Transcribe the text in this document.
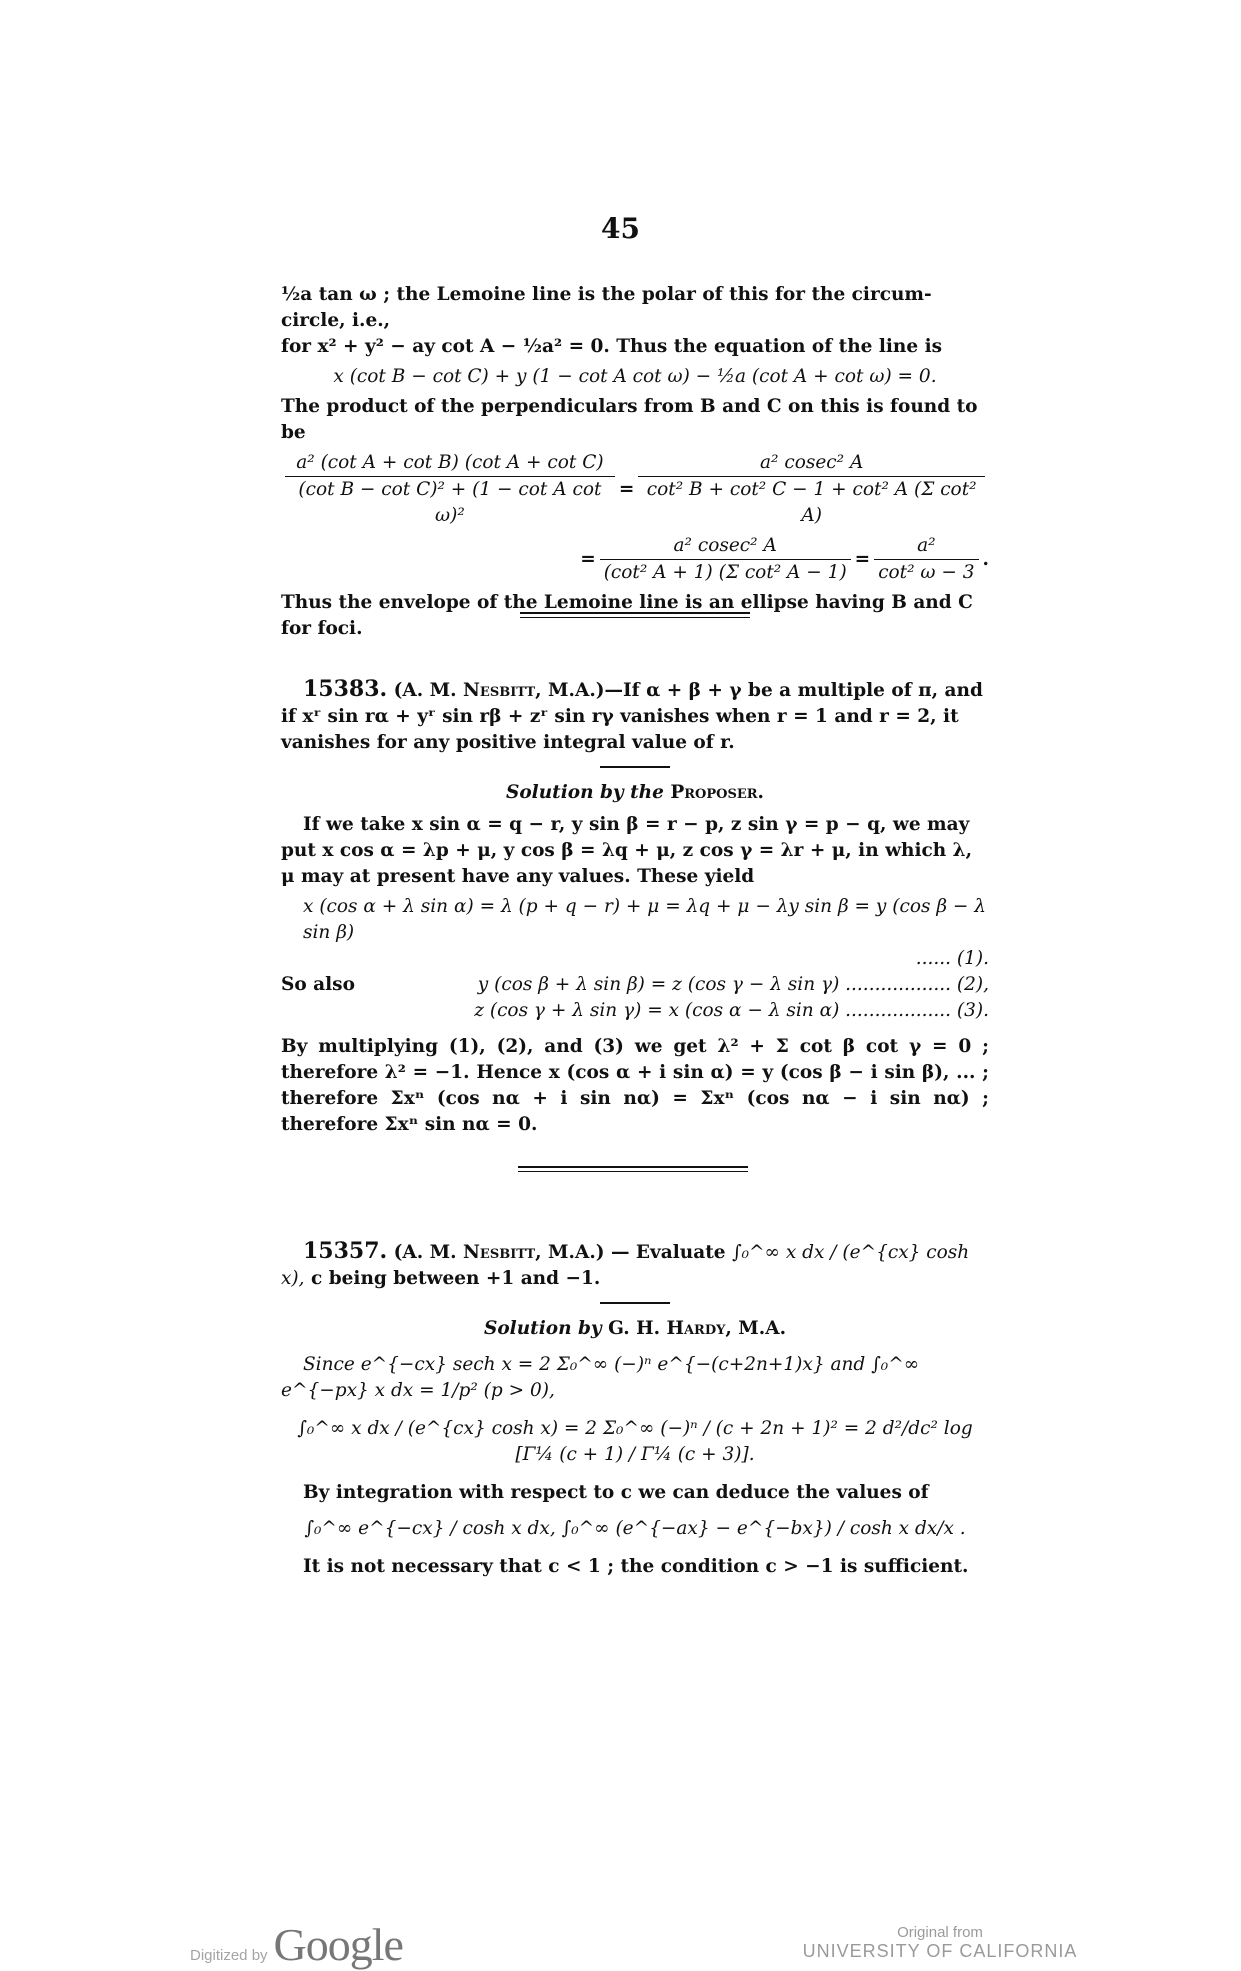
45

½a tan ω ; the Lemoine line is the polar of this for the circum-circle, i.e.,

for x² + y² − ay cot A − ½a² = 0. Thus the equation of the line is

x (cot B − cot C) + y (1 − cot A cot ω) − ½a (cot A + cot ω) = 0.

The product of the perpendiculars from B and C on this is found to be

$\frac{\text{a² (cot A + cot B) (cot A + cot C)}}{\text{(cot B − cot C)² + (1 − cot A cot ω)²}} = \frac{\text{a² cosec² A}}{\text{cot² B + cot² C − 1 + cot² A (Σ cot² A)}}$
= $\frac{\text{a² cosec² A}}{\text{(cot² A + 1) (Σ cot² A − 1)}} = \frac{\text{a²}}{\text{cot² ω − 3}}$ .

Thus the envelope of the Lemoine line is an ellipse having B and C for foci.

15383. (A. M. Nesbitt, M.A.)—If α + β + γ be a multiple of π, and if xʳ sin rα + yʳ sin rβ + zʳ sin rγ vanishes when r = 1 and r = 2, it vanishes for any positive integral value of r.

Solution by the Proposer.

If we take x sin α = q − r, y sin β = r − p, z sin γ = p − q, we may put x cos α = λp + μ, y cos β = λq + μ, z cos γ = λr + μ, in which λ, μ may at present have any values. These yield

x (cos α + λ sin α) = λ (p + q − r) + μ = λq + μ − λy sin β = y (cos β − λ sin β)

...... (1).

So also	y (cos β + λ sin β) = z (cos γ − λ sin γ) .................. (2),

z (cos γ + λ sin γ) = x (cos α − λ sin α) .................. (3).

By multiplying (1), (2), and (3) we get λ² + Σ cot β cot γ = 0 ; therefore λ² = −1. Hence x (cos α + i sin α) = y (cos β − i sin β), ... ; therefore Σxⁿ (cos nα + i sin nα) = Σxⁿ (cos nα − i sin nα) ; therefore Σxⁿ sin nα = 0.

15357. (A. M. Nesbitt, M.A.) — Evaluate ∫₀^∞ x dx / (e^{cx} cosh x), c being between +1 and −1.

Solution by G. H. Hardy, M.A.

Since e^{−cx} sech x = 2 Σ₀^∞ (−)ⁿ e^{−(c+2n+1)x} and ∫₀^∞ e^{−px} x dx = 1/p² (p > 0),

∫₀^∞ x dx / (e^{cx} cosh x) = 2 Σ₀^∞ (−)ⁿ / (c + 2n + 1)² = 2 d²/dc² log [Γ¼ (c + 1) / Γ¼ (c + 3)].

By integration with respect to c we can deduce the values of

∫₀^∞ e^{−cx} / cosh x dx, ∫₀^∞ (e^{−ax} − e^{−bx}) / cosh x dx/x .

It is not necessary that c < 1 ; the condition c > −1 is sufficient.

Digitized by Google	Original from
UNIVERSITY OF CALIFORNIA
